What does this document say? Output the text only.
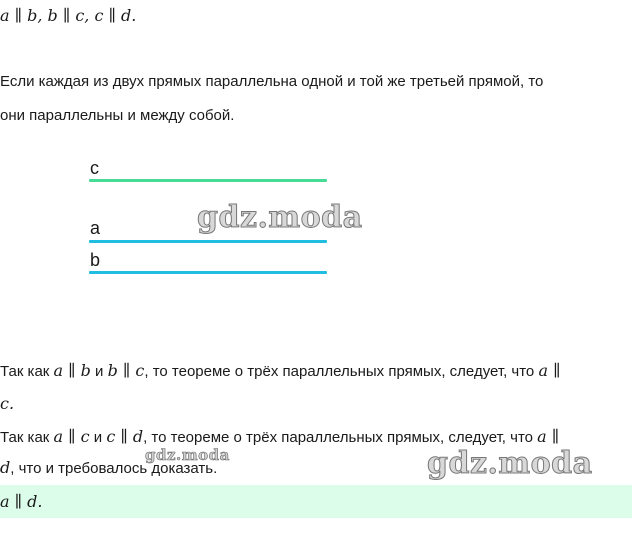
a ∥ b, b ∥ c, c ∥ d.
Если каждая из двух прямых параллельна одной и той же третьей прямой, то
они параллельны и между собой.
c
a
b
gdz.moda
Так как a ∥ b и b ∥ c, то теореме о трёх параллельных прямых, следует, что a ∥
c.
Так как a ∥ c и c ∥ d, то теореме о трёх параллельных прямых, следует, что a ∥
d, что и требовалось доказать.
gdz.moda	gdz.moda
a ∥ d.
